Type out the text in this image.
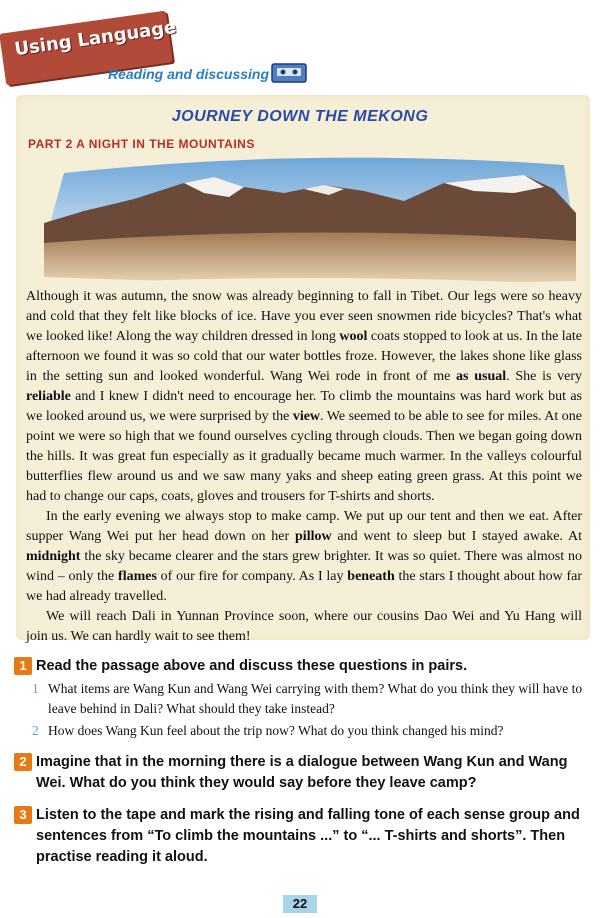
Using Language
Reading and discussing
JOURNEY DOWN THE MEKONG
PART 2 A NIGHT IN THE MOUNTAINS

Although it was autumn, the snow was already beginning to fall in Tibet. Our legs were so heavy and cold that they felt like blocks of ice. Have you ever seen snowmen ride bicycles? That's what we looked like! Along the way children dressed in long wool coats stopped to look at us. In the late afternoon we found it was so cold that our water bottles froze. However, the lakes shone like glass in the setting sun and looked wonderful. Wang Wei rode in front of me as usual. She is very reliable and I knew I didn't need to encourage her. To climb the mountains was hard work but as we looked around us, we were surprised by the view. We seemed to be able to see for miles. At one point we were so high that we found ourselves cycling through clouds. Then we began going down the hills. It was great fun especially as it gradually became much warmer. In the valleys colourful butterflies flew around us and we saw many yaks and sheep eating green grass. At this point we had to change our caps, coats, gloves and trousers for T-shirts and shorts.

In the early evening we always stop to make camp. We put up our tent and then we eat. After supper Wang Wei put her head down on her pillow and went to sleep but I stayed awake. At midnight the sky became clearer and the stars grew brighter. It was so quiet. There was almost no wind – only the flames of our fire for company. As I lay beneath the stars I thought about how far we had already travelled.

We will reach Dali in Yunnan Province soon, where our cousins Dao Wei and Yu Hang will join us. We can hardly wait to see them!

1 Read the passage above and discuss these questions in pairs.
1 What items are Wang Kun and Wang Wei carrying with them? What do you think they will have to leave behind in Dali? What should they take instead?
2 How does Wang Kun feel about the trip now? What do you think changed his mind?
2 Imagine that in the morning there is a dialogue between Wang Kun and Wang Wei. What do you think they would say before they leave camp?
3 Listen to the tape and mark the rising and falling tone of each sense group and sentences from “To climb the mountains ...” to “... T-shirts and shorts”. Then practise reading it aloud.
22
